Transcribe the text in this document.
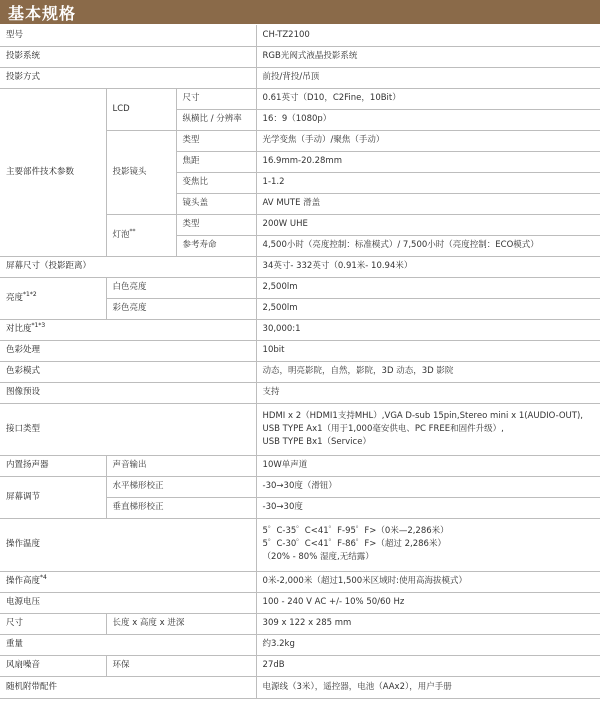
基本规格
型号			CH-TZ2100
投影系统			RGB光阀式液晶投影系统
投影方式			前投/背投/吊顶
主要部件技术参数	LCD	尺寸	0.61英寸（D10，C2Fine，10Bit）
		纵横比 / 分辨率	16：9（1080p）
	投影镜头	类型	光学变焦（手动）/聚焦（手动）
		焦距	16.9mm-20.28mm
		变焦比	1-1.2
		镜头盖	AV MUTE 滑盖
	灯泡**	类型	200W UHE
		参考寿命	4,500小时（亮度控制：标准模式）/ 7,500小时（亮度控制：ECO模式）
屏幕尺寸（投影距离）			34英寸- 332英寸（0.91米- 10.94米）
亮度$^{*1*2}$	白色亮度		2,500lm
	彩色亮度		2,500lm
对比度$^{*1*3}$			30,000:1
色彩处理			10bit
色彩模式			动态，明亮影院，自然，影院，3D 动态，3D 影院
图像预设			支持
接口类型			HDMI x 2（HDMI1支持MHL）,VGA D-sub 15pin,Stereo mini x 1(AUDIO-OUT),
USB TYPE Ax1（用于1,000毫安供电、PC FREE和固件升级）,
USB TYPE Bx1（Service）

内置扬声器	声音输出		10W单声道
屏幕调节	水平梯形校正		-30→30度（滑钮）
	垂直梯形校正		-30→30度
操作温度			5゜C-35゜C<41゜F-95゜F>（0米—2,286米）
5゜C-30゜C<41゜F-86゜F>（超过 2,286米）
（20% - 80% 湿度,无结露）

操作高度$^{*4}$			0米-2,000米（超过1,500米区域时:使用高海拔模式）
电源电压			100 - 240 V AC +/- 10% 50/60 Hz
尺寸	长度 x 高度 x 进深		309 x 122 x 285 mm
重量			约3.2kg
风扇噪音	环保		27dB
随机附带配件			电源线（3米），遥控器，电池（AAx2），用户手册
